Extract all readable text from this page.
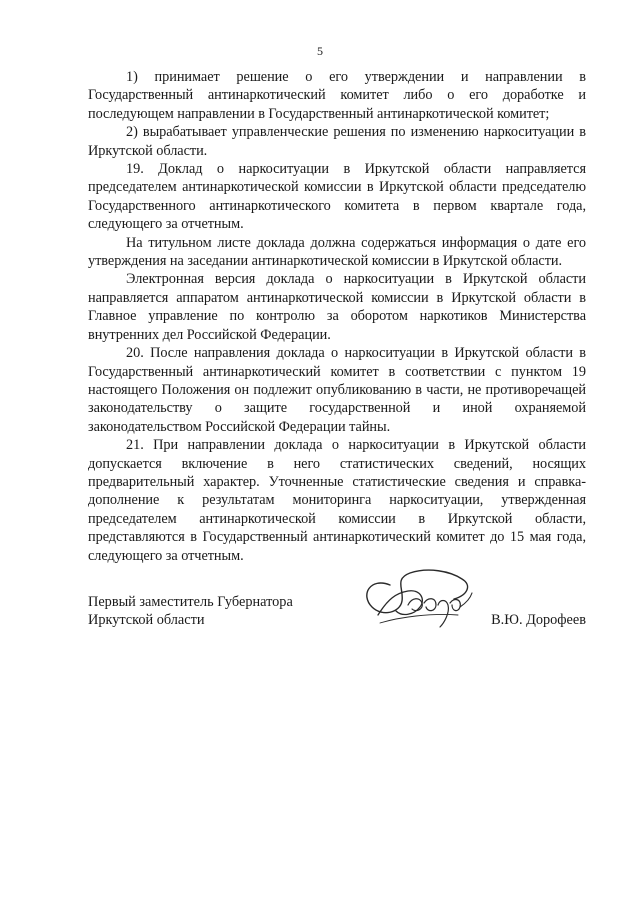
5

1) принимает решение о его утверждении и направлении в Государственный антинаркотический комитет либо о его доработке и последующем направлении в Государственный антинаркотической комитет;

2) вырабатывает управленческие решения по изменению наркоситуации в Иркутской области.

19. Доклад о наркоситуации в Иркутской области направляется председателем антинаркотической комиссии в Иркутской области председателю Государственного антинаркотического комитета в первом квартале года, следующего за отчетным.

На титульном листе доклада должна содержаться информация о дате его утверждения на заседании антинаркотической комиссии в Иркутской области.

Электронная версия доклада о наркоситуации в Иркутской области направляется аппаратом антинаркотической комиссии в Иркутской области в Главное управление по контролю за оборотом наркотиков Министерства внутренних дел Российской Федерации.

20. После направления доклада о наркоситуации в Иркутской области в Государственный антинаркотический комитет в соответствии с пунктом 19 настоящего Положения он подлежит опубликованию в части, не противоречащей законодательству о защите государственной и иной охраняемой законодательством Российской Федерации тайны.

21. При направлении доклада о наркоситуации в Иркутской области допускается включение в него статистических сведений, носящих предварительный характер. Уточненные статистические сведения и справка-дополнение к результатам мониторинга наркоситуации, утвержденная председателем антинаркотической комиссии в Иркутской области, представляются в Государственный антинаркотический комитет до 15 мая года, следующего за отчетным.

Первый заместитель Губернатора
Иркутской области	В.Ю. Дорофеев
